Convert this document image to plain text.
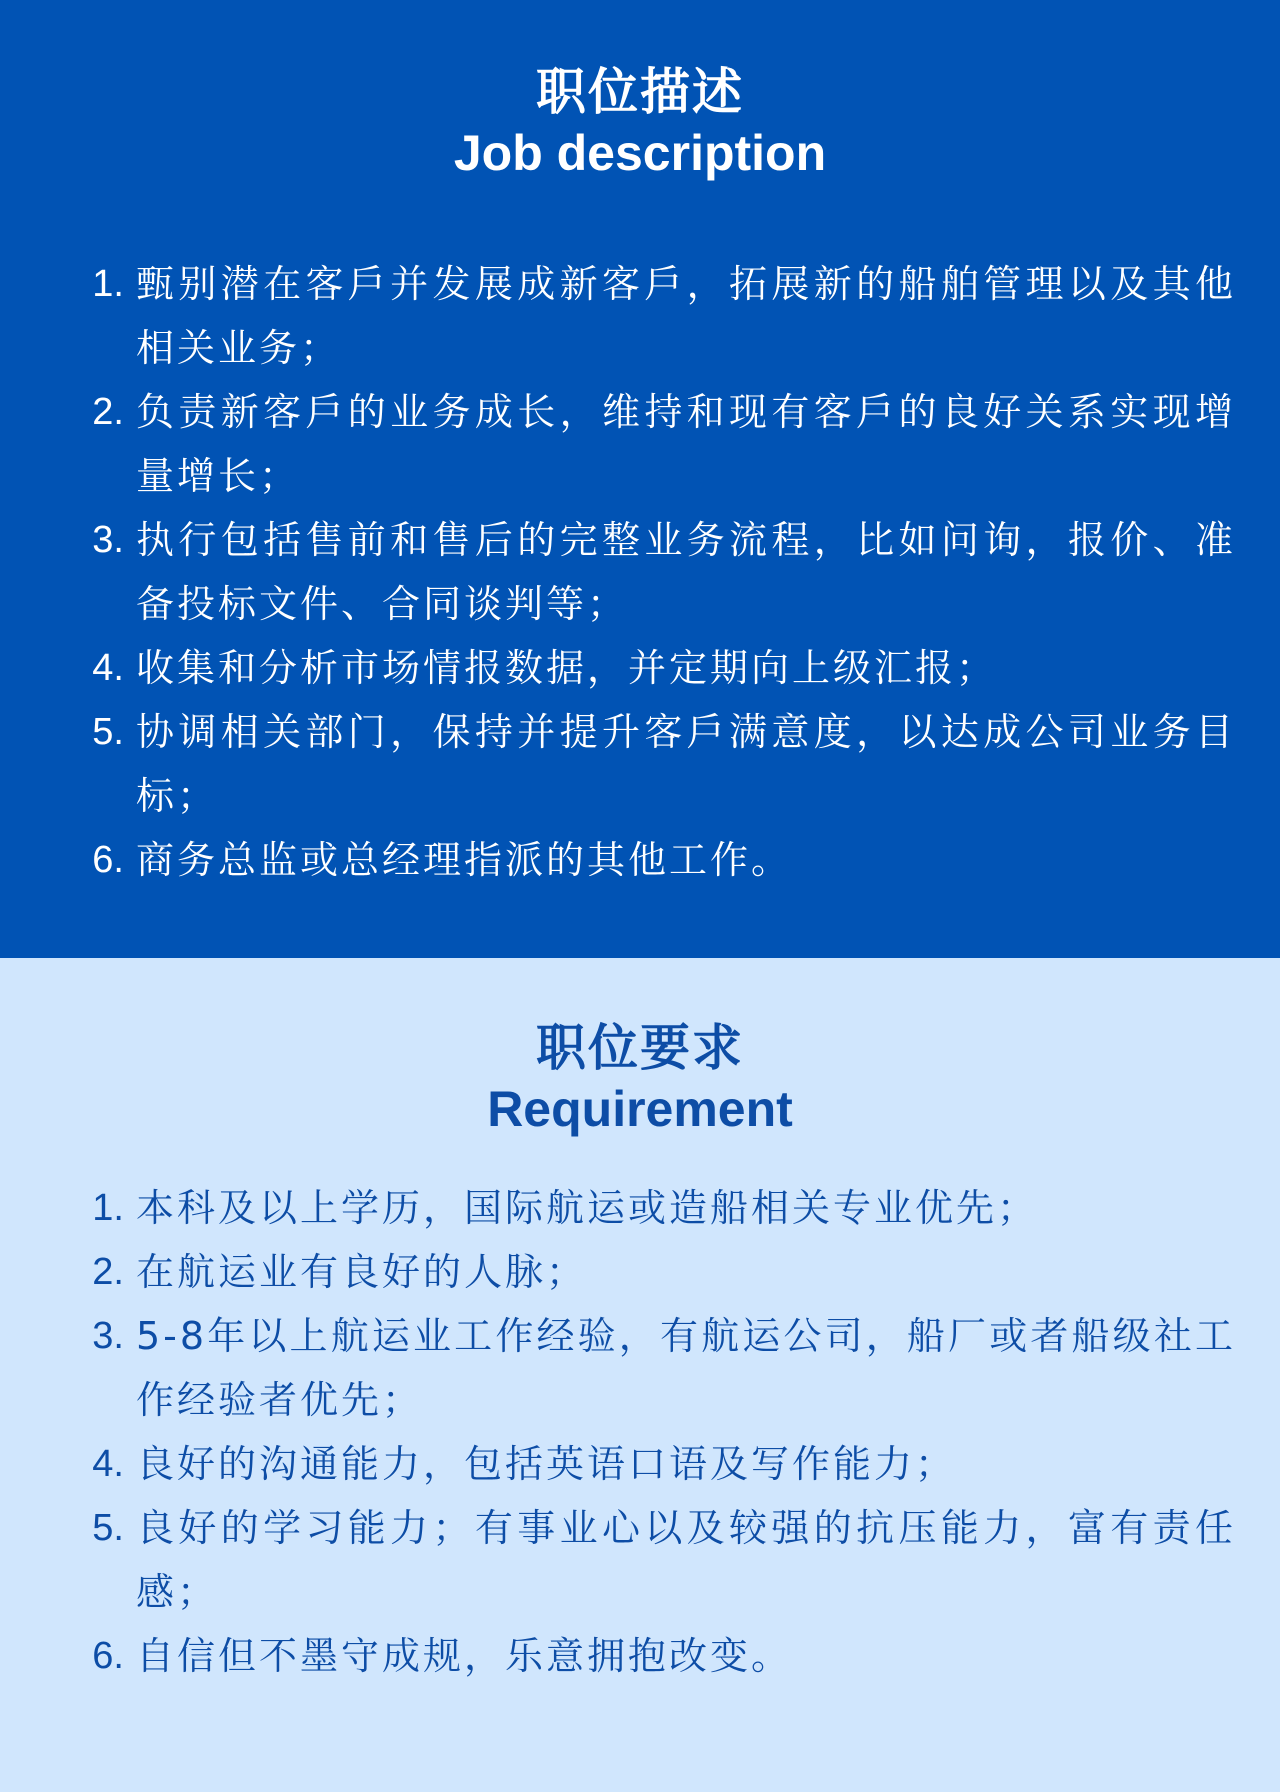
职位描述
Job description
1. 甄别潜在客戶并发展成新客戶，拓展新的船舶管理以及其他相关业务；
2. 负责新客戶的业务成长，维持和现有客戶的良好关系实现增量增长；
3. 执行包括售前和售后的完整业务流程，比如问询，报价、准备投标文件、合同谈判等；
4. 收集和分析市场情报数据，并定期向上级汇报；
5. 协调相关部门，保持并提升客戶满意度，以达成公司业务目标；
6. 商务总监或总经理指派的其他工作。
职位要求
Requirement
1. 本科及以上学历，国际航运或造船相关专业优先；
2. 在航运业有良好的人脉；
3. 5-8年以上航运业工作经验，有航运公司，船厂或者船级社工作经验者优先；
4. 良好的沟通能力，包括英语口语及写作能力；
5. 良好的学习能力；有事业心以及较强的抗压能力，富有责任感；
6. 自信但不墨守成规，乐意拥抱改变。
